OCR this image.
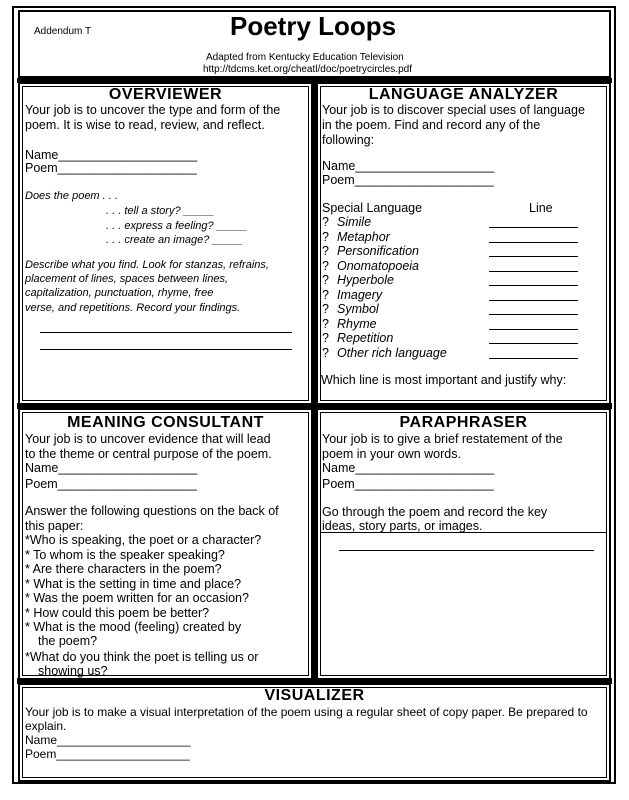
Addendum T	Poetry Loops
Adapted from Kentucky Education Television
http://tdcms.ket.org/cheatl/doc/poetrycircles.pdf
OVERVIEWER
Your job is to uncover the type and form of the
poem. It is wise to read, review, and reflect.
Name____________________
Poem____________________
Does the poem . . .
. . . tell a story? _____
. . . express a feeling? _____
. . . create an image? _____
Describe what you find. Look for stanzas, refrains,
placement of lines, spaces between lines,
capitalization, punctuation, rhyme, free
verse, and repetitions. Record your findings.
LANGUAGE ANALYZER
Your job is to discover special uses of language
in the poem. Find and record any of the
following:
Name____________________
Poem____________________
Special Language	Line
? Simile
? Metaphor
? Personification
? Onomatopoeia
? Hyperbole
? Imagery
? Symbol
? Rhyme
? Repetition
? Other rich language
Which line is most important and justify why:
MEANING CONSULTANT
Your job is to uncover evidence that will lead
to the theme or central purpose of the poem.
Name____________________
Poem____________________
Answer the following questions on the back of
this paper:
*Who is speaking, the poet or a character?
* To whom is the speaker speaking?
* Are there characters in the poem?
* What is the setting in time and place?
* Was the poem written for an occasion?
* How could this poem be better?
* What is the mood (feeling) created by
the poem?
*What do you think the poet is telling us or
showing us?
PARAPHRASER
Your job is to give a brief restatement of the
poem in your own words.
Name____________________
Poem____________________
Go through the poem and record the key
ideas, story parts, or images.
VISUALIZER
Your job is to make a visual interpretation of the poem using a regular sheet of copy paper. Be prepared to
explain.
Name____________________
Poem____________________
